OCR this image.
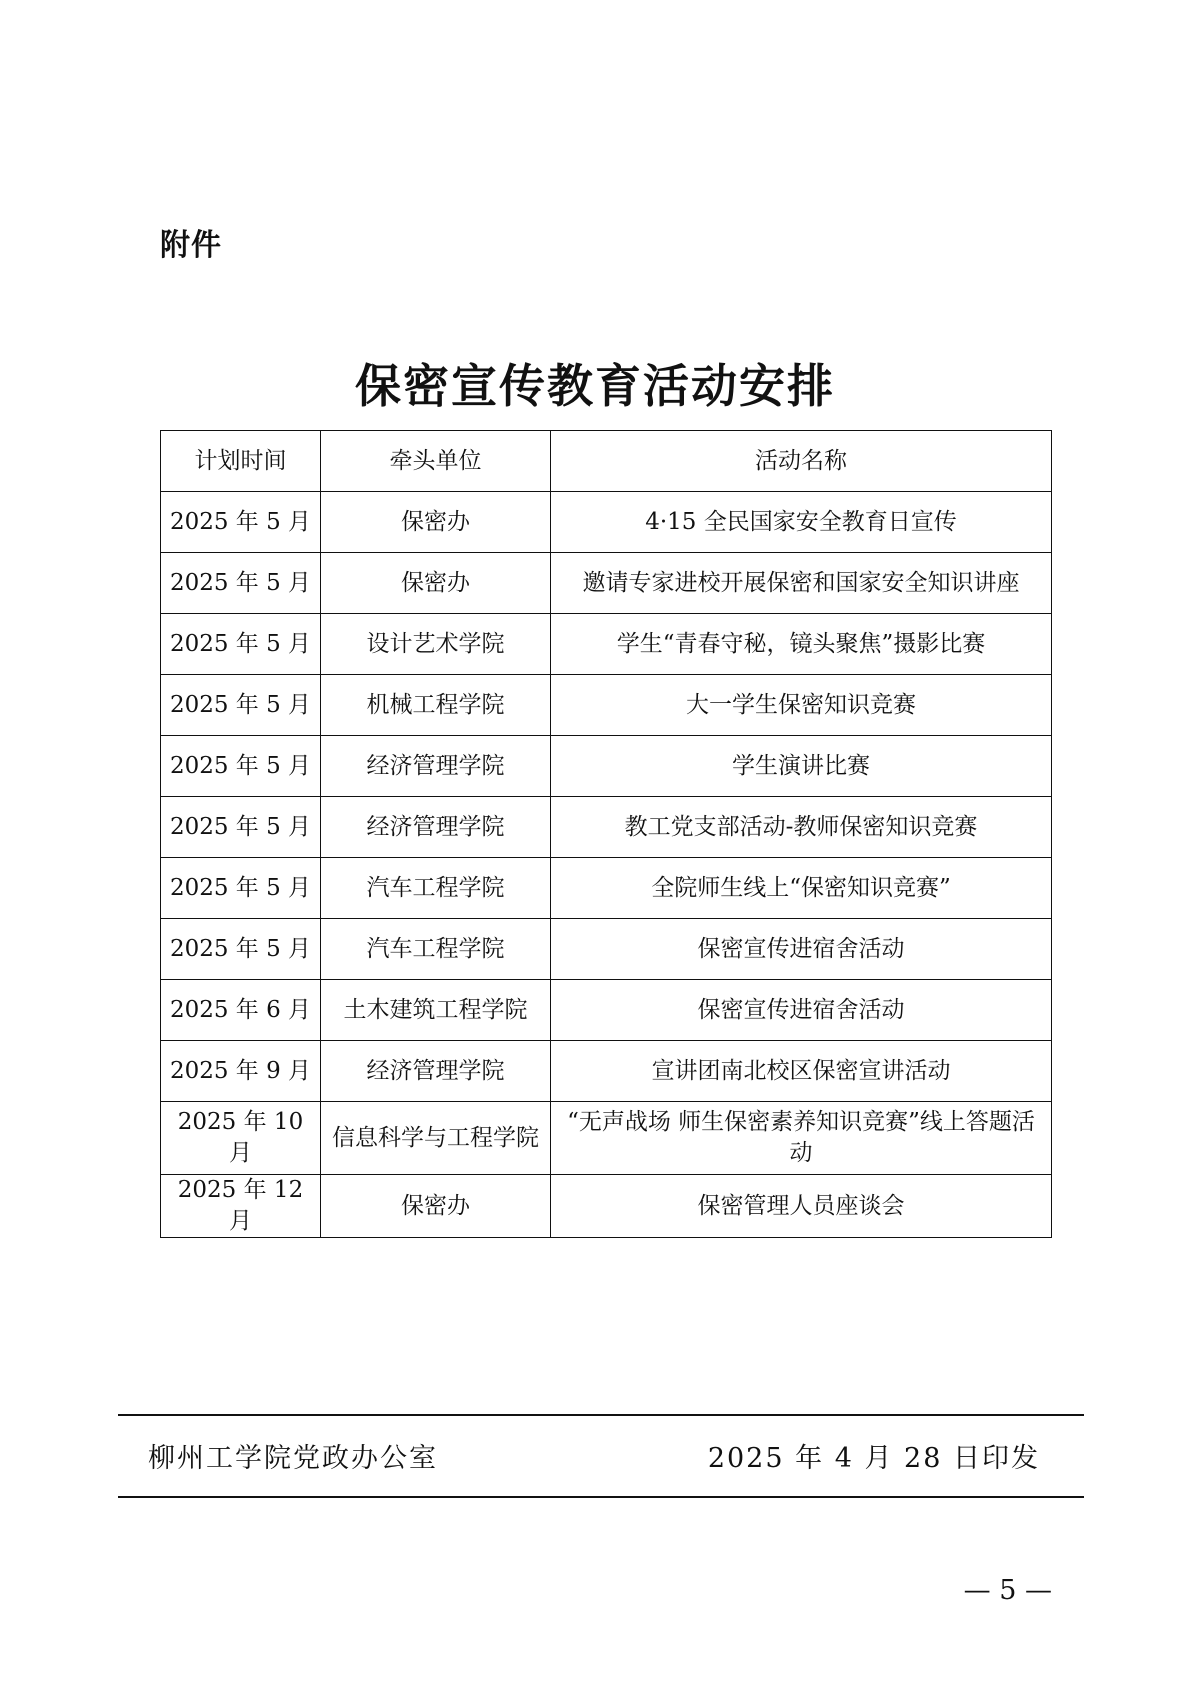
附件
保密宣传教育活动安排
计划时间	牵头单位	活动名称
2025 年 5 月	保密办	4·15 全民国家安全教育日宣传
2025 年 5 月	保密办	邀请专家进校开展保密和国家安全知识讲座
2025 年 5 月	设计艺术学院	学生“青春守秘，镜头聚焦”摄影比赛
2025 年 5 月	机械工程学院	大一学生保密知识竞赛
2025 年 5 月	经济管理学院	学生演讲比赛
2025 年 5 月	经济管理学院	教工党支部活动-教师保密知识竞赛
2025 年 5 月	汽车工程学院	全院师生线上“保密知识竞赛”
2025 年 5 月	汽车工程学院	保密宣传进宿舍活动
2025 年 6 月	土木建筑工程学院	保密宣传进宿舍活动
2025 年 9 月	经济管理学院	宣讲团南北校区保密宣讲活动
2025 年 10 月	信息科学与工程学院	“无声战场 师生保密素养知识竞赛”线上答题活动
2025 年 12 月	保密办	保密管理人员座谈会
柳州工学院党政办公室	2025 年 4 月 28 日印发
— 5 —
